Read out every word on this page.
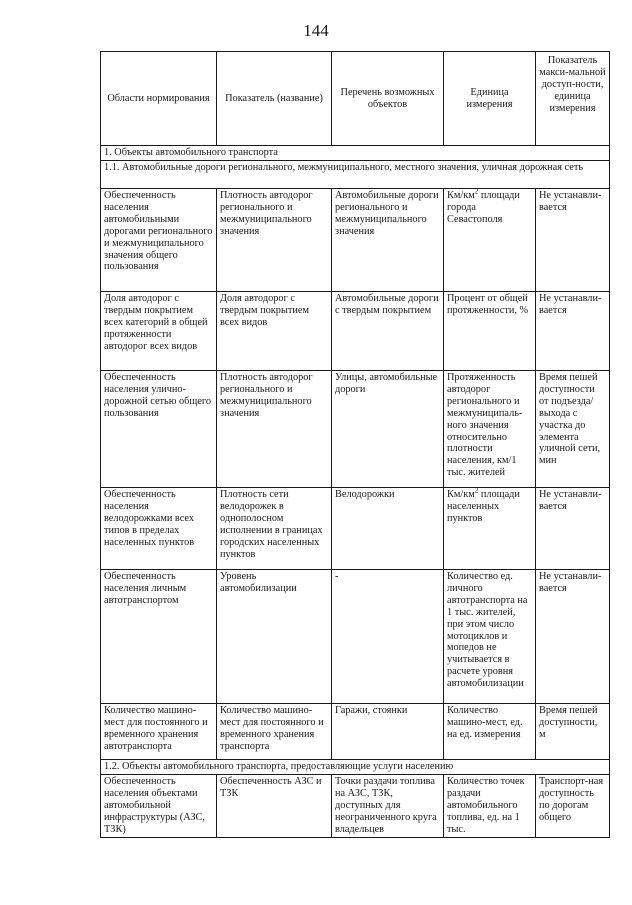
144
Области нормирования	Показатель (название)	Перечень возможных объектов	Единица измерения	Показатель макси-мальной доступ-ности, единица измерения
1. Объекты автомобильного транспорта				
1.1. Автомобильные дороги регионального, межмуниципального, местного значения, уличная дорожная сеть				
Обеспеченность населения автомобильными дорогами регионального и межмуниципального значения общего пользования	Плотность автодорог регионального и межмуниципального значения	Автомобильные дороги регионального и межмуниципального значения	$Км/км^2$ площади города Севастополя	Не устанавли-вается
Доля автодорог с твердым покрытием всех категорий в общей протяженности автодорог всех видов	Доля автодорог с твердым покрытием всех видов	Автомобильные дороги с твердым покрытием	Процент от общей протяженности, %	Не устанавли-вается
Обеспеченность населения улично-дорожной сетью общего пользования	Плотность автодорог регионального и межмуниципального значения	Улицы, автомобильные дороги	Протяженность автодорог регионального и межмуниципаль-ного значения относительно плотности населения, км/1 тыс. жителей	Время пешей доступности от подъезда/ выхода с участка до элемента уличной сети, мин
Обеспеченность населения велодорожками всех типов в пределах населенных пунктов	Плотность сети велодорожек в однополосном исполнении в границах городских населенных пунктов	Велодорожки	$Км/км^2$ площади населенных пунктов	Не устанавли-вается
Обеспеченность населения личным автотранспортом	Уровень автомобилизации	-	Количество ед. личного автотранспорта на 1 тыс. жителей, при этом число мотоциклов и мопедов не учитывается в расчете уровня автомобилизации	Не устанавли-вается
Количество машино-мест для постоянного и временного хранения автотранспорта	Количество машино-мест для постоянного и временного хранения транспорта	Гаражи, стоянки	Количество машино-мест, ед. на ед. измерения	Время пешей доступности, м
1.2. Объекты автомобильного транспорта, предоставляющие услуги населению				
Обеспеченность населения объектами автомобильной инфраструктуры (АЗС, ТЗК)	Обеспеченность АЗС и ТЗК	Точки раздачи топлива на АЗС, ТЗК, доступных для неограниченного круга владельцев	Количество точек раздачи автомобильного топлива, ед. на 1 тыс.	Транспорт-ная доступность по дорогам общего
